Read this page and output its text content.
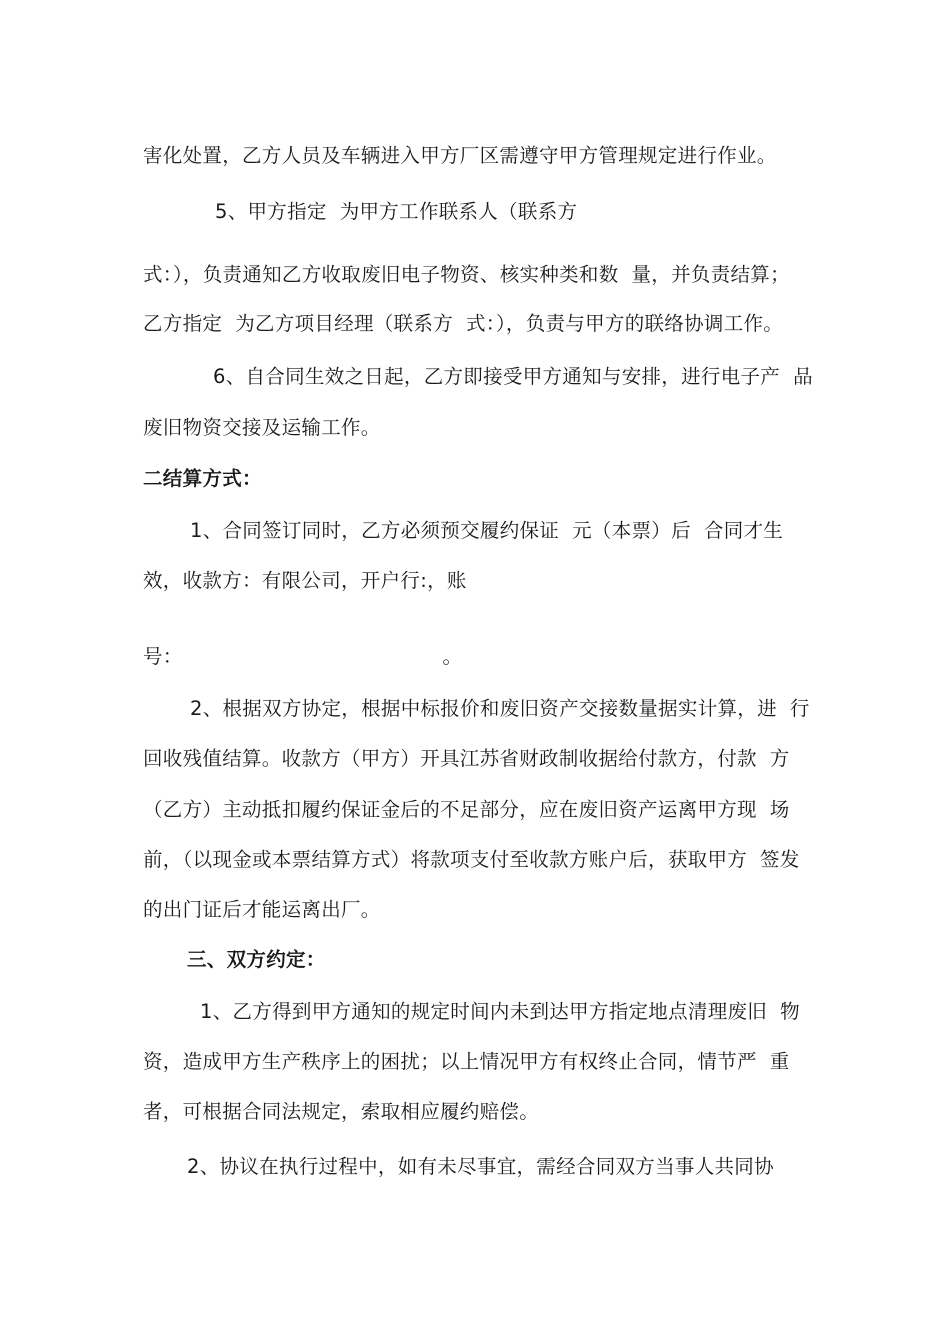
害化处置，乙方人员及车辆进入甲方厂区需遵守甲方管理规定进行作业。
5、甲方指定  为甲方工作联系人（联系方
式：），负责通知乙方收取废旧电子物资、核实种类和数  量，并负责结算；
乙方指定  为乙方项目经理（联系方  式：），负责与甲方的联络协调工作。
6、自合同生效之日起，乙方即接受甲方通知与安排，进行电子产  品
废旧物资交接及运输工作。
二结算方式：
1、合同签订同时，乙方必须预交履约保证  元（本票）后  合同才生
效，收款方：有限公司，开户行:，账
号：                                        。
2、根据双方协定，根据中标报价和废旧资产交接数量据实计算，进  行
回收残值结算。收款方（甲方）开具江苏省财政制收据给付款方，付款  方
（乙方）主动抵扣履约保证金后的不足部分，应在废旧资产运离甲方现  场
前，（以现金或本票结算方式）将款项支付至收款方账户后，获取甲方  签发
的出门证后才能运离出厂。
三、双方约定：
1、乙方得到甲方通知的规定时间内未到达甲方指定地点清理废旧  物
资，造成甲方生产秩序上的困扰；以上情况甲方有权终止合同，情节严  重
者，可根据合同法规定，索取相应履约赔偿。
2、协议在执行过程中，如有未尽事宜，需经合同双方当事人共同协
